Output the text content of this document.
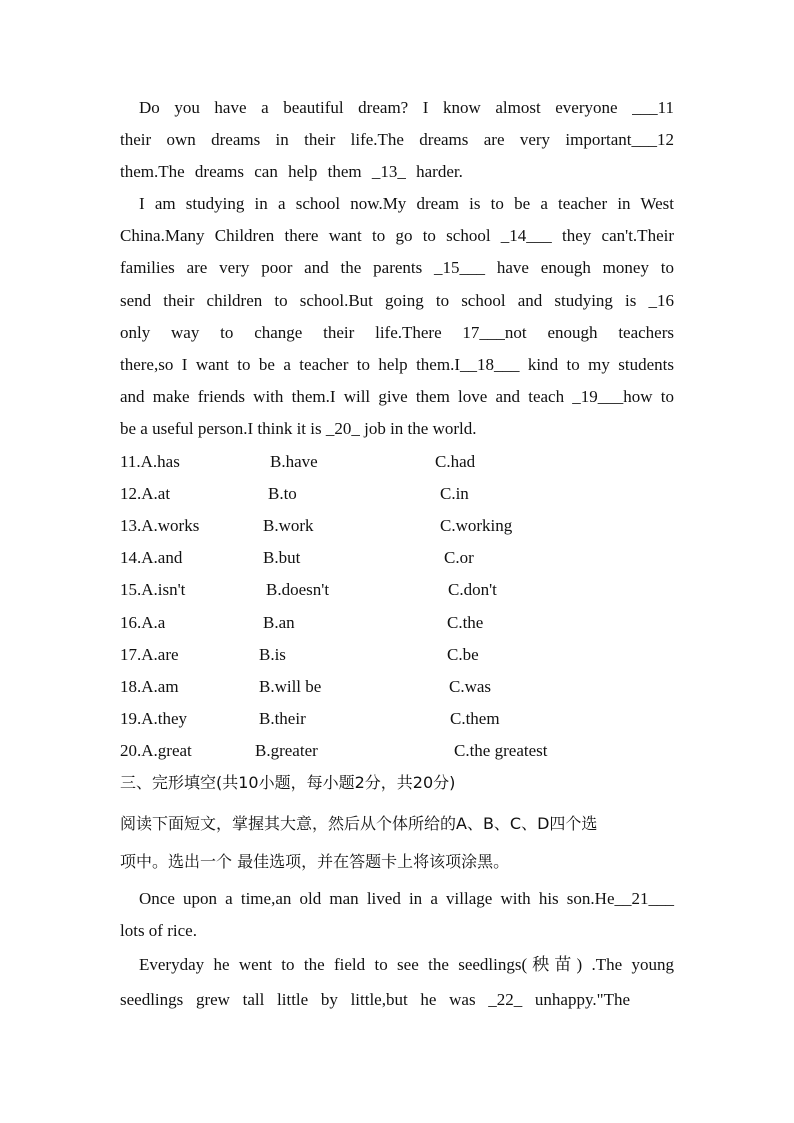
Do you have a beautiful dream? I know almost everyone ___11
their own dreams in their life.The dreams are very important___12
them.The dreams can help them _13_ harder.
I am studying in a school now.My dream is to be a teacher in West
China.Many Children there want to go to school _14___ they can't.Their
families are very poor and the parents _15___ have enough money to
send their children to school.But going to school and studying is _16
only way to change their life.There 17___not enough teachers
there,so I want to be a teacher to help them.I__18___ kind to my students
and make friends with them.I will give them love and teach _19___how to
be a useful person.I think it is _20_ job in the world.
11.A.has	B.have	C.had
12.A.at	B.to	C.in
13.A.works	B.work	C.working
14.A.and	B.but	C.or
15.A.isn't	B.doesn't	C.don't
16.A.a	B.an	C.the
17.A.are	B.is	C.be
18.A.am	B.will be	C.was
19.A.they	B.their	C.them
20.A.great	B.greater	C.the greatest
三、完形填空(共10小题，每小题2分，共20分)
阅读下面短文，掌握其大意，然后从个体所给的A、B、C、D四个选
项中。选出一个 最佳选项，并在答题卡上将该项涂黑。
Once upon a time,an old man lived in a village with his son.He__21___
lots of rice.
Everyday he went to the field to see the seedlings(秧苗) .The young
seedlings grew tall little by little,but he was _22_ unhappy."The
